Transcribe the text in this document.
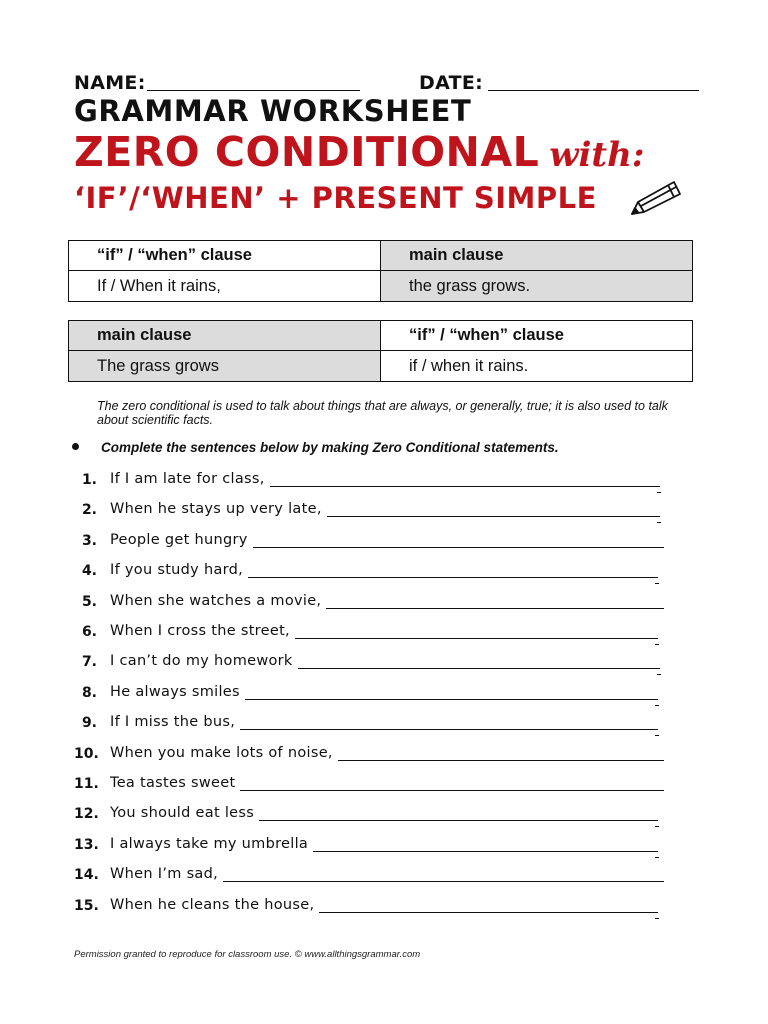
NAME:	DATE:
GRAMMAR WORKSHEET
ZERO CONDITIONAL with:
‘IF’/‘WHEN’ + PRESENT SIMPLE
“if” / “when” clause	main clause
If / When it rains,	the grass grows.
main clause	“if” / “when” clause
The grass grows	if / when it rains.
The zero conditional is used to talk about things that are always, or generally, true; it is also used to talk about scientific facts.
Complete the sentences below by making Zero Conditional statements.
1. If I am late for class,
2. When he stays up very late,
3. People get hungry
4. If you study hard,
5. When she watches a movie,
6. When I cross the street,
7. I can’t do my homework
8. He always smiles
9. If I miss the bus,
10. When you make lots of noise,
11. Tea tastes sweet
12. You should eat less
13. I always take my umbrella
14. When I’m sad,
15. When he cleans the house,
Permission granted to reproduce for classroom use. © www.allthingsgrammar.com
